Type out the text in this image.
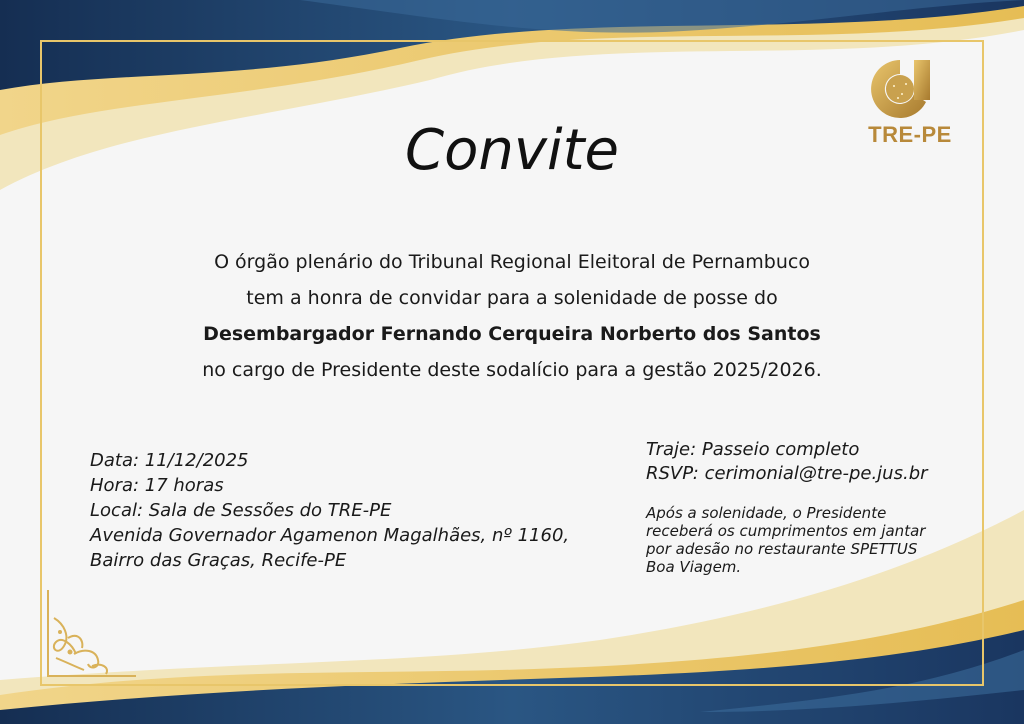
TRE-PE
Convite
O órgão plenário do Tribunal Regional Eleitoral de Pernambuco
tem a honra de convidar para a solenidade de posse do
Desembargador Fernando Cerqueira Norberto dos Santos
no cargo de Presidente deste sodalício para a gestão 2025/2026.
Data: 11/12/2025
Hora: 17 horas
Local: Sala de Sessões do TRE-PE
Avenida Governador Agamenon Magalhães, nº 1160,
Bairro das Graças, Recife-PE
Traje: Passeio completo
RSVP: cerimonial@tre-pe.jus.br
Após a solenidade, o Presidente
receberá os cumprimentos em jantar
por adesão no restaurante SPETTUS
Boa Viagem.
